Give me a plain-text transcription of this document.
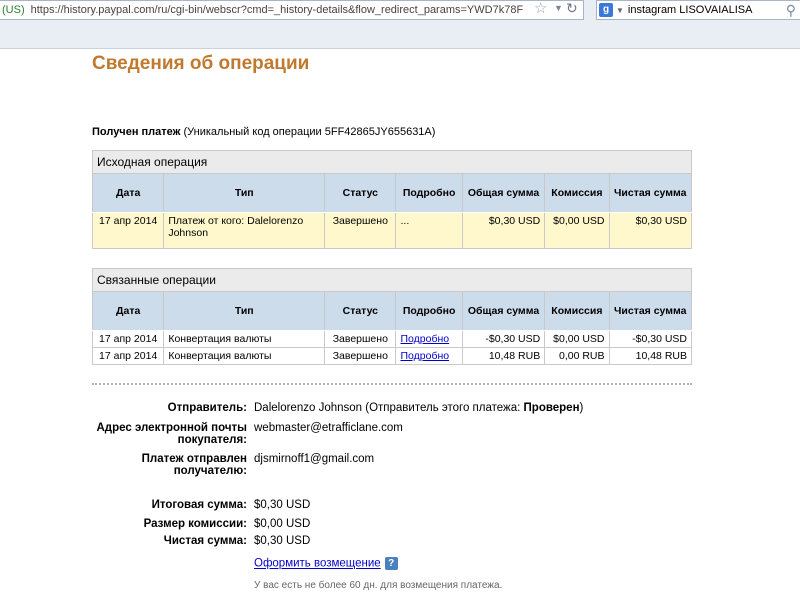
(US) https://history.paypal.com/ru/cgi-bin/webscr?cmd=_history-details&flow_redirect_params=YWD7k78F ☆ ▼ ↻	g ▼ instagram LISOVAIALISA ⚲
Сведения об операции
Получен платеж (Уникальный код операции 5FF42865JY655631A)
Исходная операция						
Дата	Тип	Статус	Подробно	Общая сумма	Комиссия	Чистая сумма
17 апр 2014	Платеж от кого: Dalelorenzo Johnson	Завершено	...	$0,30 USD	$0,00 USD	$0,30 USD
Связанные операции						
Дата	Тип	Статус	Подробно	Общая сумма	Комиссия	Чистая сумма
17 апр 2014	Конвертация валюты	Завершено	Подробно	-$0,30 USD	$0,00 USD	-$0,30 USD
17 апр 2014	Конвертация валюты	Завершено	Подробно	10,48 RUB	0,00 RUB	10,48 RUB
Отправитель: Dalelorenzo Johnson (Отправитель этого платежа: Проверен)
Адрес электронной почты
покупателя:
webmaster@etrafficlane.com
Платеж отправлен
получателю:
djsmirnoff1@gmail.com
Итоговая сумма: $0,30 USD
Размер комиссии: $0,00 USD
Чистая сумма: $0,30 USD
Оформить возмещение ?
У вас есть не более 60 дн. для возмещения платежа.
